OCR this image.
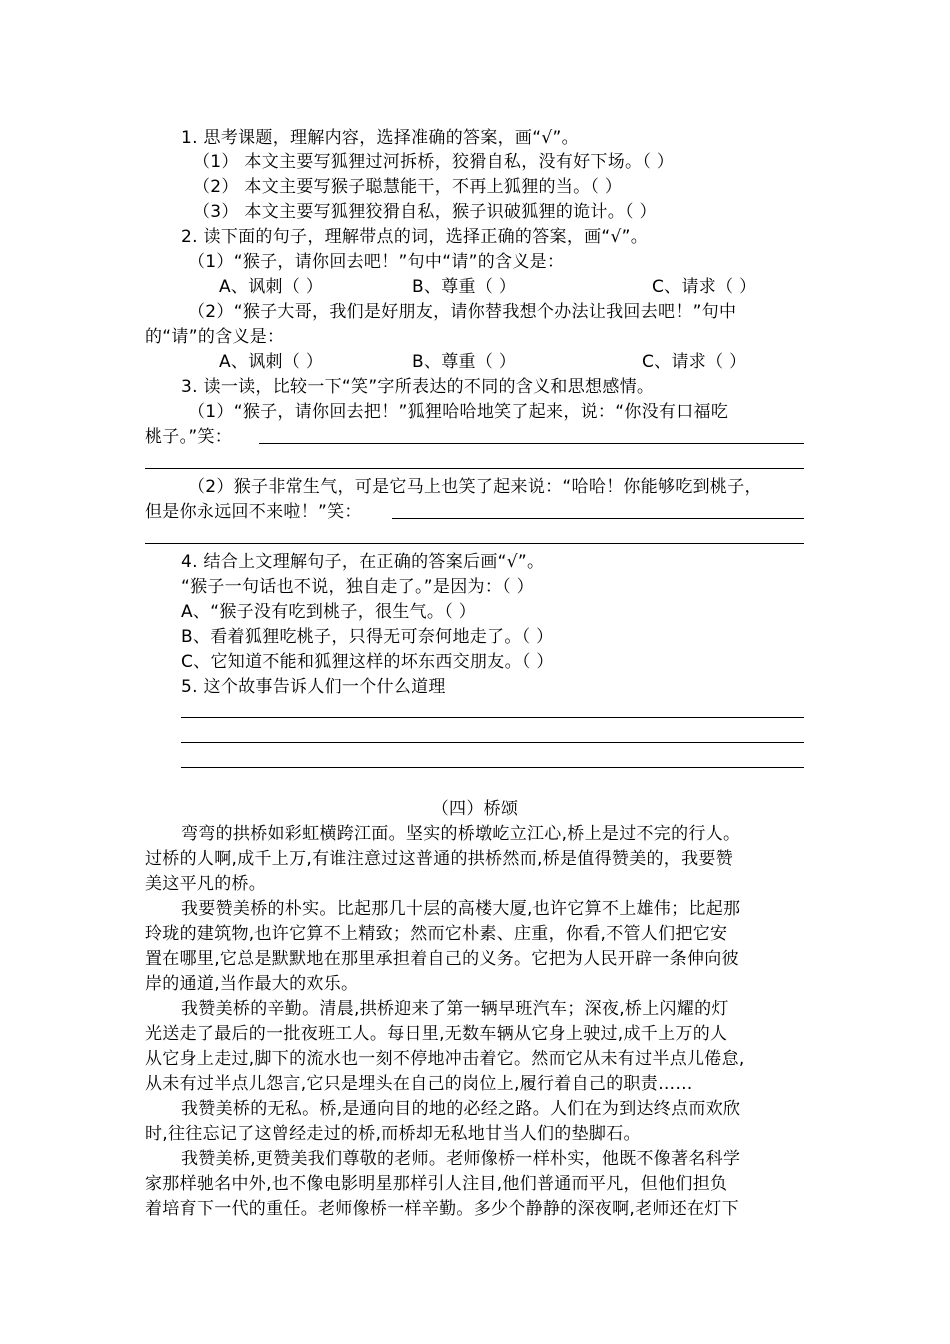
1. 思考课题，理解内容，选择准确的答案，画“√”。
（1） 本文主要写狐狸过河拆桥，狡猾自私，没有好下场。（ ）
（2） 本文主要写猴子聪慧能干，不再上狐狸的当。（ ）
（3） 本文主要写狐狸狡猾自私，猴子识破狐狸的诡计。（ ）
2. 读下面的句子，理解带点的词，选择正确的答案，画“√”。
（1）“猴子，请你回去吧！”句中“请”的含义是：
A、讽刺（ ）	B、尊重（ ）	C、请求（ ）
（2）“猴子大哥，我们是好朋友，请你替我想个办法让我回去吧！”句中
的“请”的含义是：
A、讽刺（ ）	B、尊重（ ）	C、请求（ ）
3. 读一读，比较一下“笑”字所表达的不同的含义和思想感情。
（1）“猴子，请你回去把！”狐狸哈哈地笑了起来，说：“你没有口福吃
桃子。”笑：
（2）猴子非常生气，可是它马上也笑了起来说：“哈哈！你能够吃到桃子，
但是你永远回不来啦！”笑：
4. 结合上文理解句子，在正确的答案后画“√”。
“猴子一句话也不说，独自走了。”是因为：（ ）
A、“猴子没有吃到桃子，很生气。（ ）
B、看着狐狸吃桃子，只得无可奈何地走了。（ ）
C、它知道不能和狐狸这样的坏东西交朋友。（ ）
5. 这个故事告诉人们一个什么道理
（四）桥颂
弯弯的拱桥如彩虹横跨江面。坚实的桥墩屹立江心,桥上是过不完的行人。
过桥的人啊,成千上万,有谁注意过这普通的拱桥然而,桥是值得赞美的，我要赞
美这平凡的桥。
我要赞美桥的朴实。比起那几十层的高楼大厦,也许它算不上雄伟；比起那
玲珑的建筑物,也许它算不上精致；然而它朴素、庄重，你看,不管人们把它安
置在哪里,它总是默默地在那里承担着自己的义务。它把为人民开辟一条伸向彼
岸的通道,当作最大的欢乐。
我赞美桥的辛勤。清晨,拱桥迎来了第一辆早班汽车；深夜,桥上闪耀的灯
光送走了最后的一批夜班工人。每日里,无数车辆从它身上驶过,成千上万的人
从它身上走过,脚下的流水也一刻不停地冲击着它。然而它从未有过半点儿倦怠,
从未有过半点儿怨言,它只是埋头在自己的岗位上,履行着自己的职责……
我赞美桥的无私。桥,是通向目的地的必经之路。人们在为到达终点而欢欣
时,往往忘记了这曾经走过的桥,而桥却无私地甘当人们的垫脚石。
我赞美桥,更赞美我们尊敬的老师。老师像桥一样朴实，他既不像著名科学
家那样驰名中外,也不像电影明星那样引人注目,他们普通而平凡，但他们担负
着培育下一代的重任。老师像桥一样辛勤。多少个静静的深夜啊,老师还在灯下
